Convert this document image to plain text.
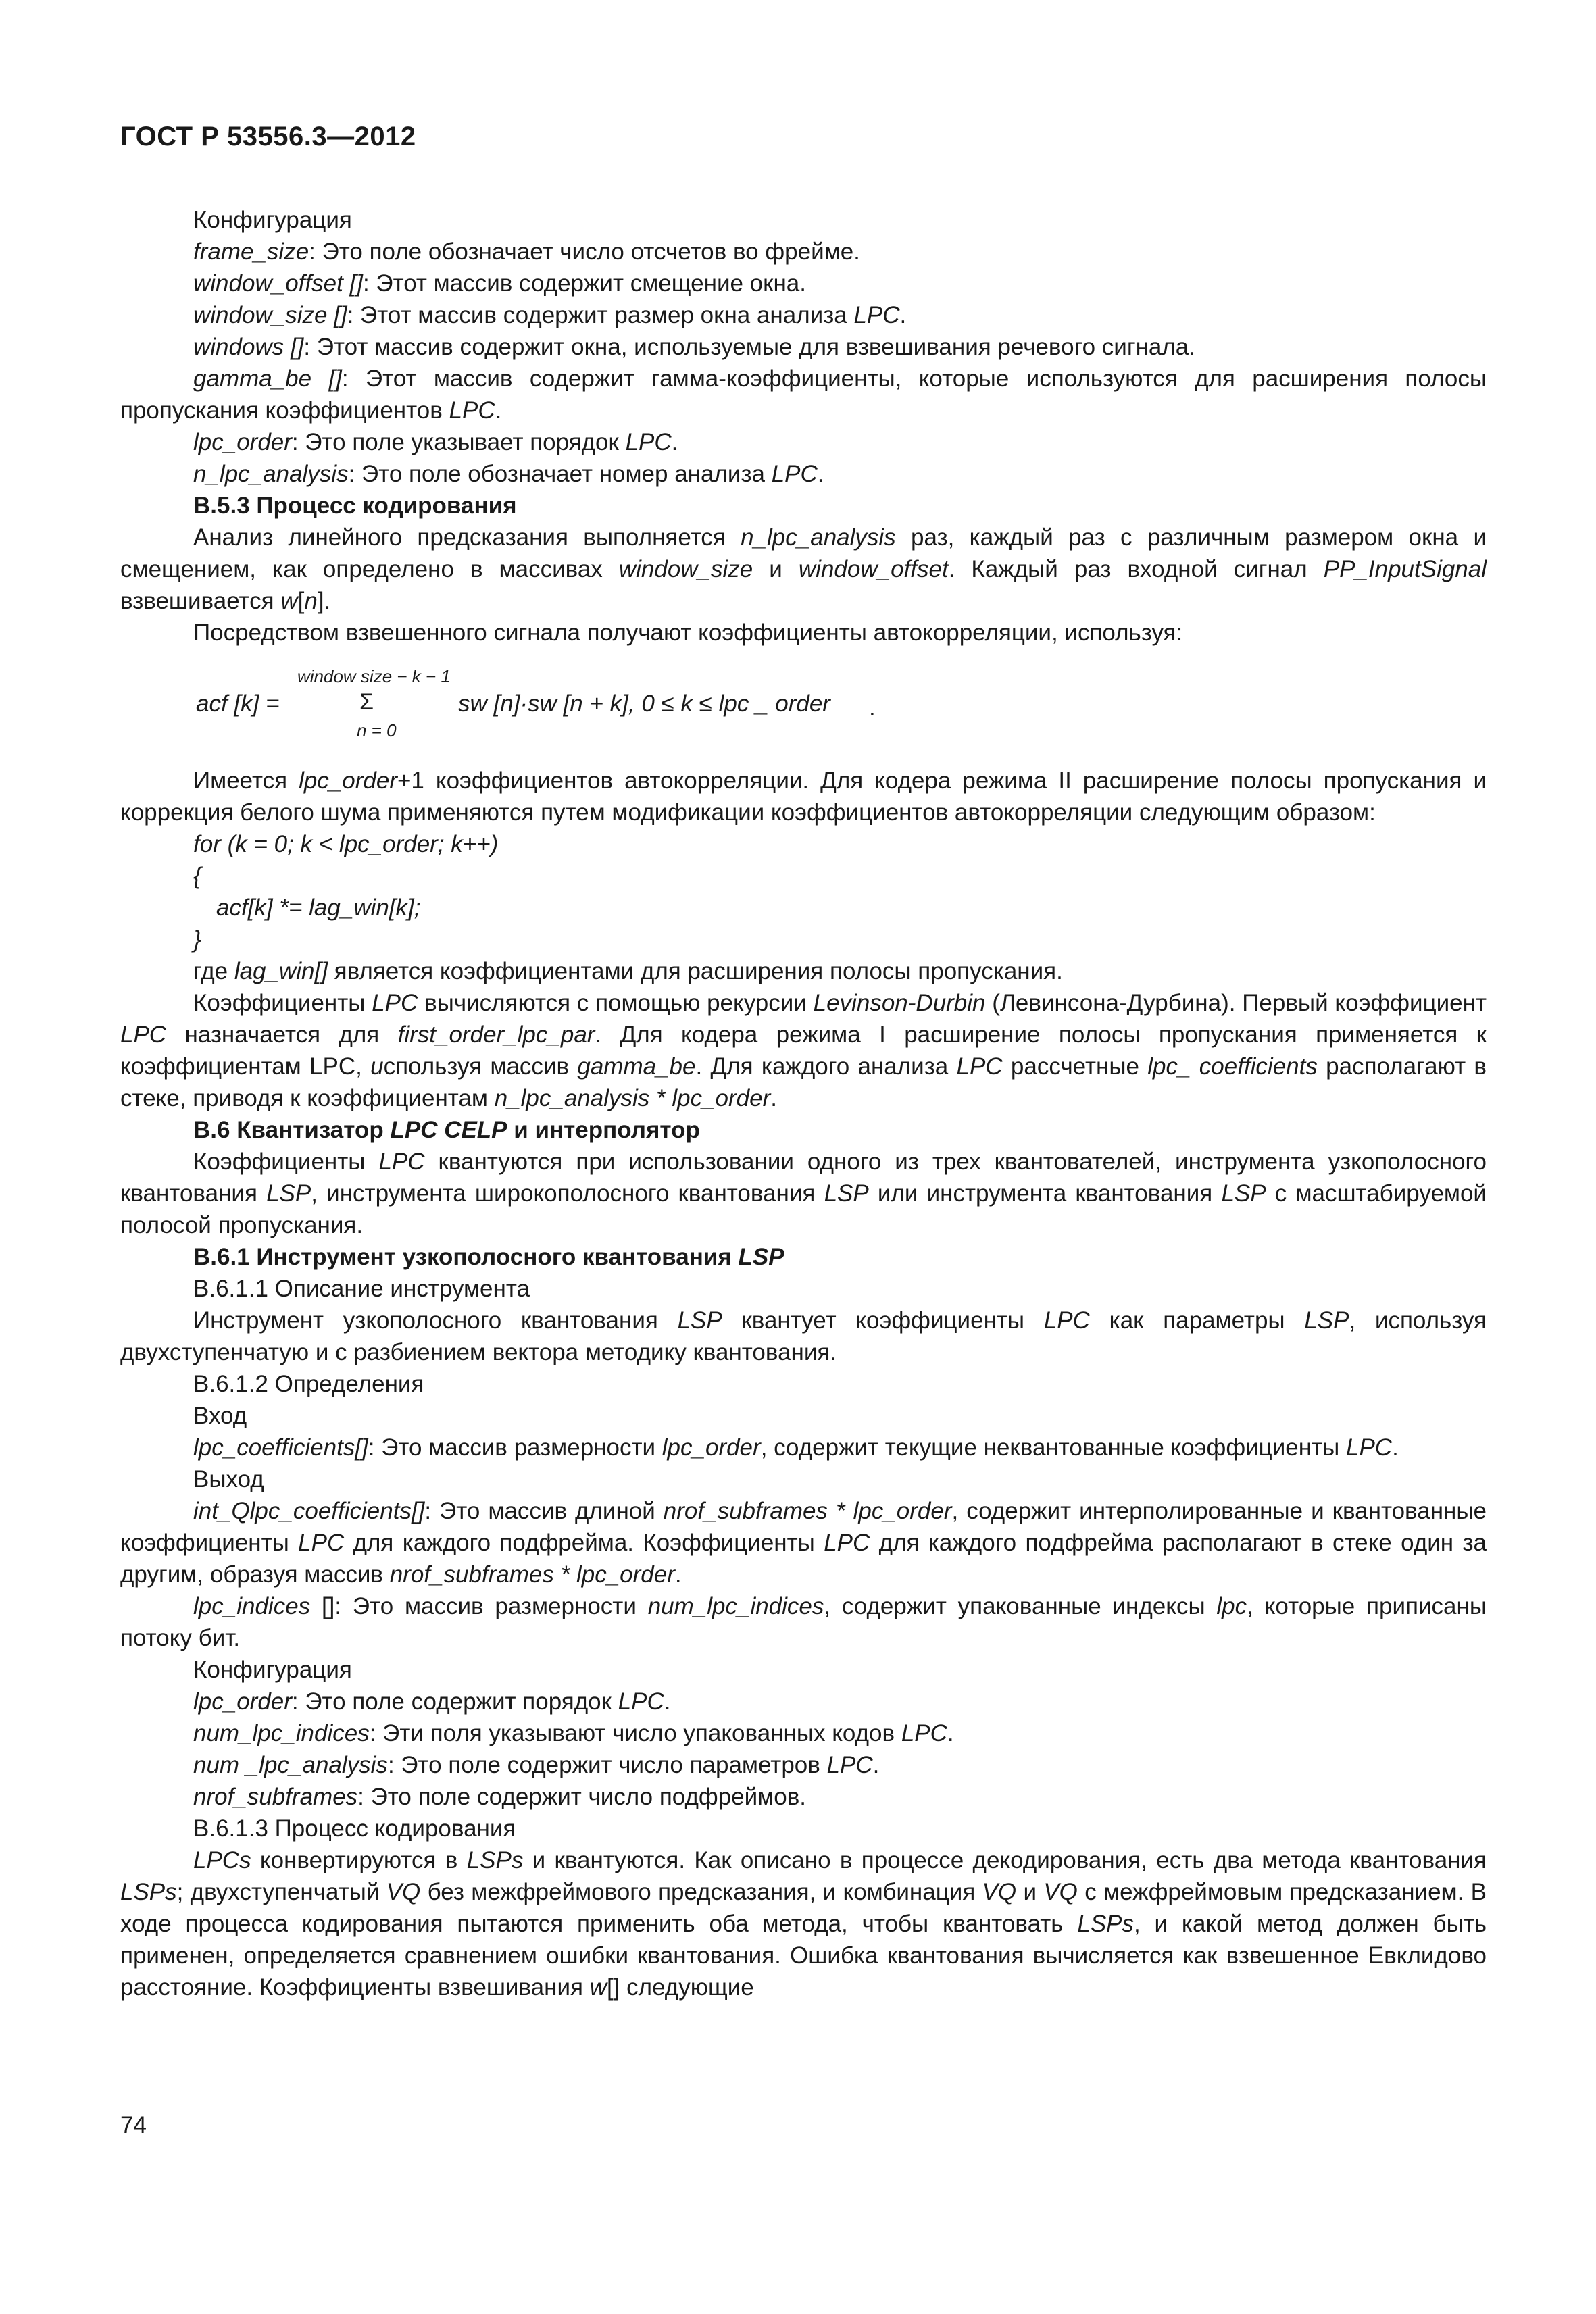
ГОСТ Р 53556.3—2012

Конфигурация

frame_size: Это поле обозначает число отсчетов во фрейме.

window_offset []: Этот массив содержит смещение окна.

window_size []: Этот массив содержит размер окна анализа LPC.

windows []: Этот массив содержит окна, используемые для взвешивания речевого сигнала.

gamma_be []: Этот массив содержит гамма-коэффициенты, которые используются для расширения полосы пропускания коэффициентов LPC.

lpc_order: Это поле указывает порядок LPC.

n_lpc_analysis: Это поле обозначает номер анализа LPC.

B.5.3 Процесс кодирования

Анализ линейного предсказания выполняется n_lpc_analysis раз, каждый раз с различным размером окна и смещением, как определено в массивах window_size и window_offset. Каждый раз входной сигнал PP_InputSignal взвешивается w[n].

Посредством взвешенного сигнала получают коэффициенты автокорреляции, используя:

acf [k] =
window size − k − 1
Σ
n = 0
sw [n]·sw [n + k], 0 ≤ k ≤ lpc _ order .

Имеется lpc_order+1 коэффициентов автокорреляции. Для кодера режима II расширение полосы пропускания и коррекция белого шума применяются путем модификации коэффициентов автокорреляции следующим образом:

for (k = 0; k < lpc_order; k++)

{

acf[k] *= lag_win[k];

}

где lag_win[] является коэффициентами для расширения полосы пропускания.

Коэффициенты LPC вычисляются с помощью рекурсии Levinson-Durbin (Левинсона-Дурбина). Первый коэффициент LPC назначается для first_order_lpc_par. Для кодера режима I расширение полосы пропускания применяется к коэффициентам LPC, используя массив gamma_be. Для каждого анализа LPC рассчетные lpc_ coefficients располагают в стеке, приводя к коэффициентам n_lpc_analysis * lpc_order.

B.6 Квантизатор LPC CELP и интерполятор

Коэффициенты LPC квантуются при использовании одного из трех квантователей, инструмента узкополосного квантования LSP, инструмента широкополосного квантования LSP или инструмента квантования LSP с масштабируемой полосой пропускания.

B.6.1 Инструмент узкополосного квантования LSP

B.6.1.1 Описание инструмента

Инструмент узкополосного квантования LSP квантует коэффициенты LPC как параметры LSP, используя двухступенчатую и с разбиением вектора методику квантования.

B.6.1.2 Определения

Вход

lpc_coefficients[]: Это массив размерности lpc_order, содержит текущие неквантованные коэффициенты LPC.

Выход

int_Qlpc_coefficients[]: Это массив длиной nrof_subframes * lpc_order, содержит интерполированные и квантованные коэффициенты LPC для каждого подфрейма. Коэффициенты LPC для каждого подфрейма располагают в стеке один за другим, образуя массив nrof_subframes * lpc_order.

lpc_indices []: Это массив размерности num_lpc_indices, содержит упакованные индексы lpc, которые приписаны потоку бит.

Конфигурация

lpc_order: Это поле содержит порядок LPC.

num_lpc_indices: Эти поля указывают число упакованных кодов LPC.

num _lpc_analysis: Это поле содержит число параметров LPC.

nrof_subframes: Это поле содержит число подфреймов.

B.6.1.3 Процесс кодирования

LPCs конвертируются в LSPs и квантуются. Как описано в процессе декодирования, есть два метода квантования LSPs; двухступенчатый VQ без межфреймового предсказания, и комбинация VQ и VQ с межфреймовым предсказанием. В ходе процесса кодирования пытаются применить оба метода, чтобы квантовать LSPs, и какой метод должен быть применен, определяется сравнением ошибки квантования. Ошибка квантования вычисляется как взвешенное Евклидово расстояние. Коэффициенты взвешивания w[] следующие

74
